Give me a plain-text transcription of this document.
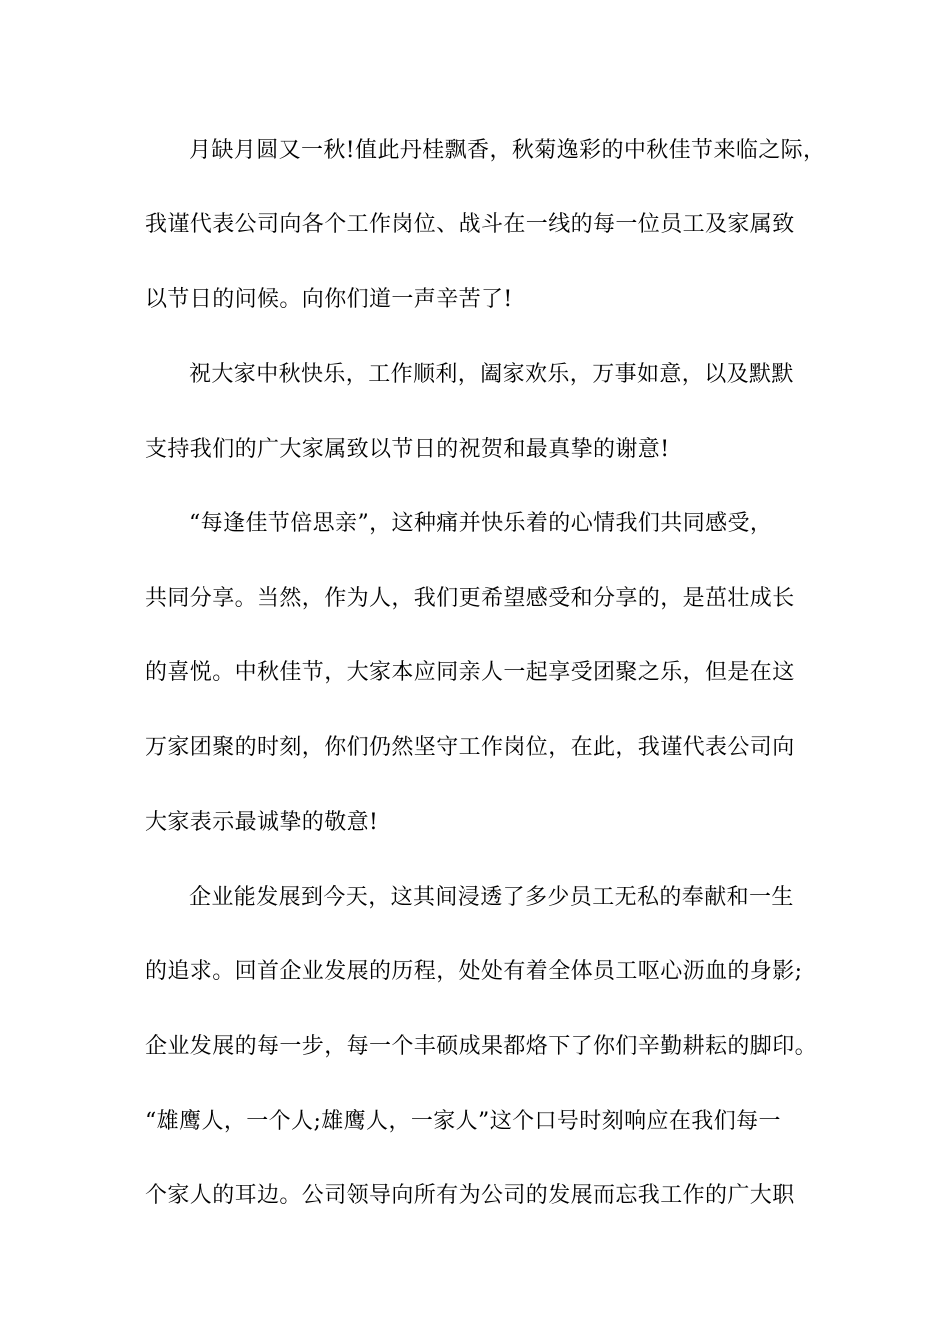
月缺月圆又一秋!值此丹桂飘香，秋菊逸彩的中秋佳节来临之际，
我谨代表公司向各个工作岗位、战斗在一线的每一位员工及家属致
以节日的问候。向你们道一声辛苦了!
祝大家中秋快乐，工作顺利，阖家欢乐，万事如意，以及默默
支持我们的广大家属致以节日的祝贺和最真挚的谢意!
“每逢佳节倍思亲”，这种痛并快乐着的心情我们共同感受，
共同分享。当然，作为人，我们更希望感受和分享的，是茁壮成长
的喜悦。中秋佳节，大家本应同亲人一起享受团聚之乐，但是在这
万家团聚的时刻，你们仍然坚守工作岗位，在此，我谨代表公司向
大家表示最诚挚的敬意!
企业能发展到今天，这其间浸透了多少员工无私的奉献和一生
的追求。回首企业发展的历程，处处有着全体员工呕心沥血的身影;
企业发展的每一步，每一个丰硕成果都烙下了你们辛勤耕耘的脚印。
“雄鹰人，一个人;雄鹰人，一家人”这个口号时刻响应在我们每一
个家人的耳边。公司领导向所有为公司的发展而忘我工作的广大职
